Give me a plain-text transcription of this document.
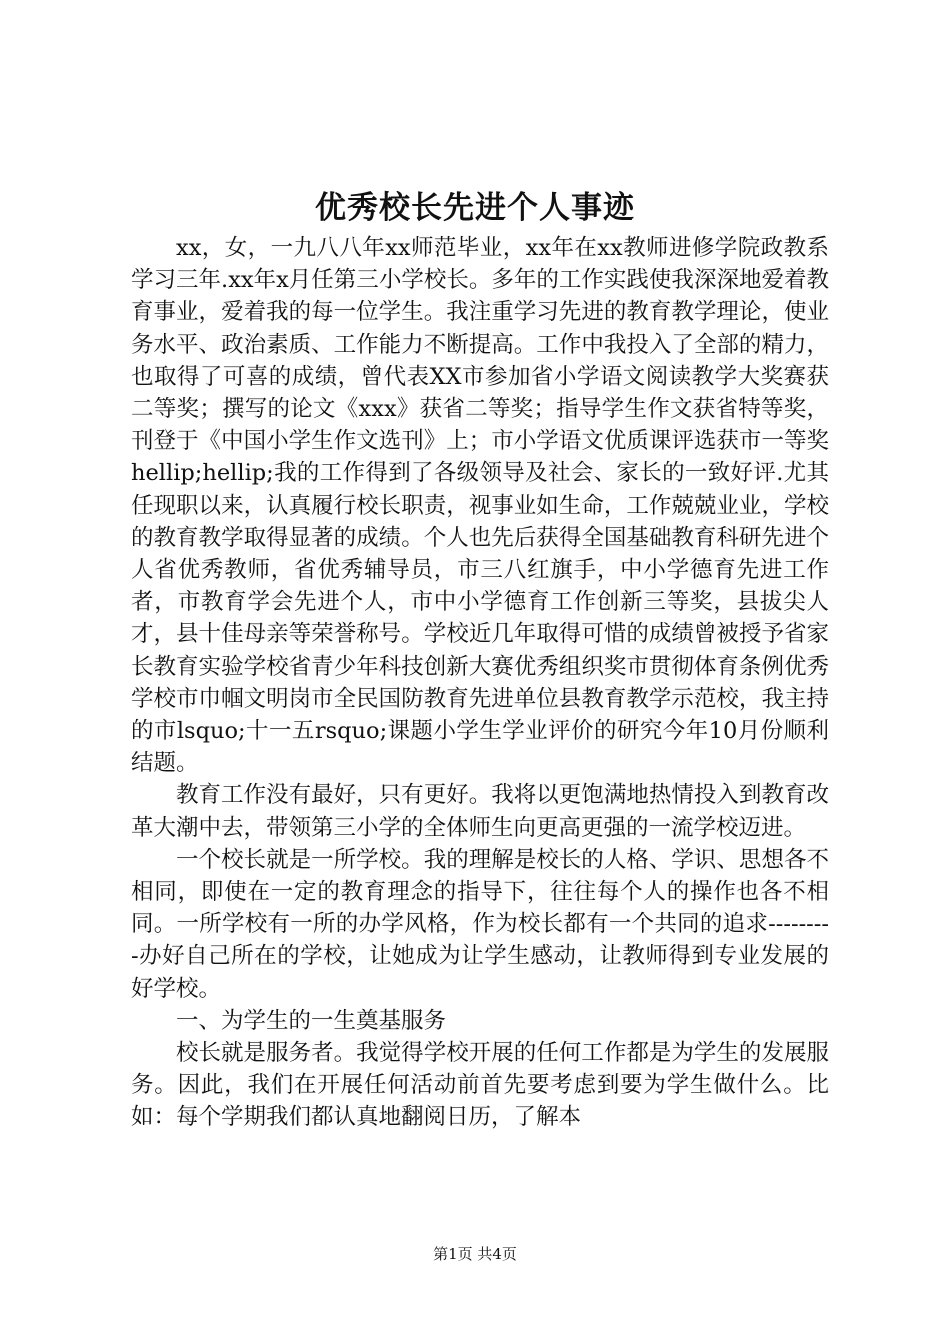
优秀校长先进个人事迹

xx，女，一九八八年xx师范毕业，xx年在xx教师进修学院政教系学习三年.xx年x月任第三小学校长。多年的工作实践使我深深地爱着教育事业，爱着我的每一位学生。我注重学习先进的教育教学理论，使业务水平、政治素质、工作能力不断提高。工作中我投入了全部的精力，也取得了可喜的成绩，曾代表XX市参加省小学语文阅读教学大奖赛获二等奖；撰写的论文《xxx》获省二等奖；指导学生作文获省特等奖，刊登于《中国小学生作文选刊》上；市小学语文优质课评选获市一等奖hellip;hellip;我的工作得到了各级领导及社会、家长的一致好评.尤其任现职以来，认真履行校长职责，视事业如生命，工作兢兢业业，学校的教育教学取得显著的成绩。个人也先后获得全国基础教育科研先进个人省优秀教师，省优秀辅导员，市三八红旗手，中小学德育先进工作者，市教育学会先进个人，市中小学德育工作创新三等奖，县拔尖人才，县十佳母亲等荣誉称号。学校近几年取得可惜的成绩曾被授予省家长教育实验学校省青少年科技创新大赛优秀组织奖市贯彻体育条例优秀学校市巾帼文明岗市全民国防教育先进单位县教育教学示范校，我主持的市lsquo;十一五rsquo;课题小学生学业评价的研究今年10月份顺利结题。

教育工作没有最好，只有更好。我将以更饱满地热情投入到教育改革大潮中去，带领第三小学的全体师生向更高更强的一流学校迈进。

一个校长就是一所学校。我的理解是校长的人格、学识、思想各不相同，即使在一定的教育理念的指导下，往往每个人的操作也各不相同。一所学校有一所的办学风格，作为校长都有一个共同的追求---------办好自己所在的学校，让她成为让学生感动，让教师得到专业发展的好学校。

一、为学生的一生奠基服务

校长就是服务者。我觉得学校开展的任何工作都是为学生的发展服务。因此，我们在开展任何活动前首先要考虑到要为学生做什么。比如：每个学期我们都认真地翻阅日历，了解本

第1页 共4页
